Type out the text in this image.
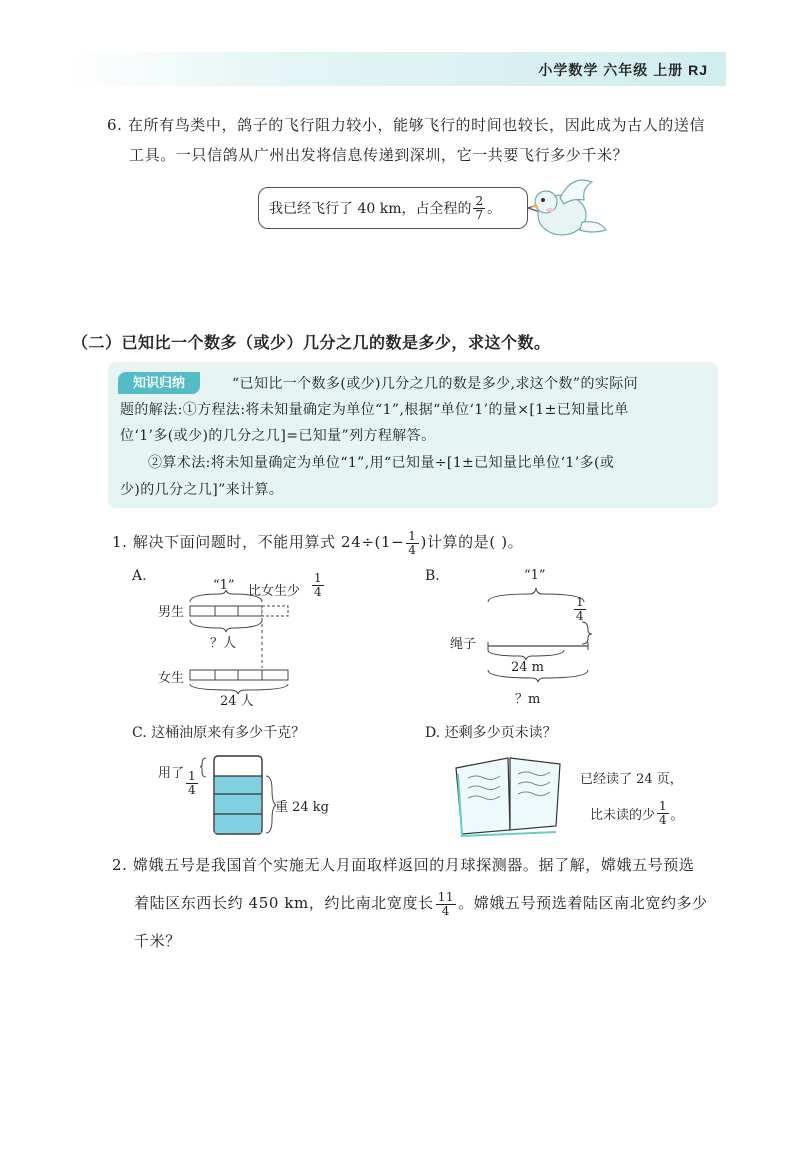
小学数学 六年级 上册 RJ
6. 在所有鸟类中，鸽子的飞行阻力较小，能够飞行的时间也较长，因此成为古人的送信
工具。一只信鸽从广州出发将信息传递到深圳，它一共要飞行多少千米？
我已经飞行了 40 km，占全程的 $\frac{2}{7}$ 。
（二）已知比一个数多（或少）几分之几的数是多少，求这个数。
知识归纳	“已知比一个数多(或少)几分之几的数是多少,求这个数”的实际问
题的解法:①方程法:将未知量确定为单位“1”,根据“单位‘1’的量×[1±已知量比单
位‘1’多(或少)的几分之几]=已知量”列方程解答。
②算术法:将未知量确定为单位“1”,用“已知量÷[1±已知量比单位‘1’多(或
少)的几分之几]”来计算。
1. 解决下面问题时，不能用算式 $24\div(1- \frac{1}{4}$ )计算的是( )。
A.
“1” 比女生少 $\frac{1}{4}$
男生
？人
女生
24 人
B.	“1”
$\frac{1}{4}$
绳子
24 m
？m
C. 这桶油原来有多少千克？
用了 $\frac{1}{4}$
重 24 kg
D. 还剩多少页未读？
已经读了 24 页，
比未读的少 $\frac{1}{4}$ 。
2. 嫦娥五号是我国首个实施无人月面取样返回的月球探测器。据了解，嫦娥五号预选
着陆区东西长约 450 km，约比南北宽度长 $\frac{11}{4}$ 。嫦娥五号预选着陆区南北宽约多少
千米？
